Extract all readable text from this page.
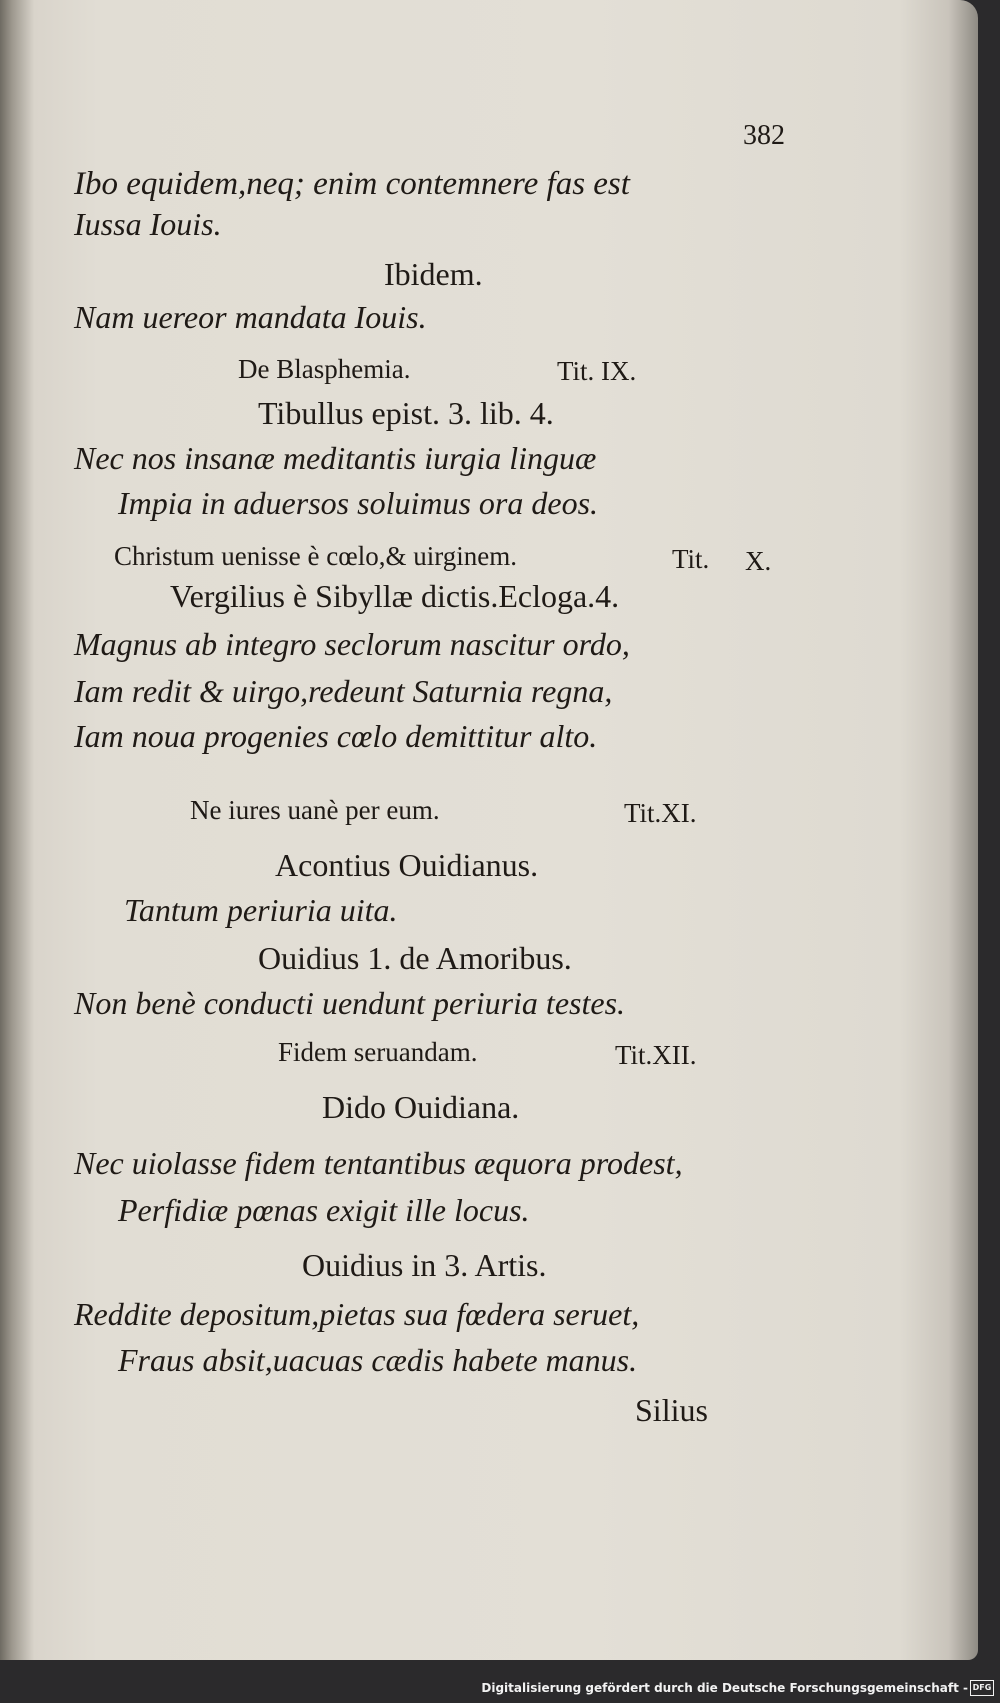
382
Ibo equidem,neq; enim contemnere fas est
Iussa Iouis.
Ibidem.
Nam uereor mandata Iouis.
De Blasphemia.	Tit. IX.
Tibullus epist. 3. lib. 4.
Nec nos insanæ meditantis iurgia linguæ
Impia in aduersos soluimus ora deos.
Christum uenisse è cœlo,& uirginem.	Tit. X.
Vergilius è Sibyllæ dictis.Ecloga.4.
Magnus ab integro seclorum nascitur ordo,
Iam redit & uirgo,redeunt Saturnia regna,
Iam noua progenies cœlo demittitur alto.
Ne iures uanè per eum.	Tit.XI.
Acontius Ouidianus.
Tantum periuria uita.
Ouidius 1. de Amoribus.
Non benè conducti uendunt periuria testes.
Fidem seruandam.	Tit.XII.
Dido Ouidiana.
Nec uiolasse fidem tentantibus æquora prodest,
Perfidiæ pœnas exigit ille locus.
Ouidius in 3. Artis.
Reddite depositum,pietas sua fœdera seruet,
Fraus absit,uacuas cædis habete manus.
Silius
Digitalisierung gefördert durch die Deutsche Forschungsgemeinschaft - DFG
